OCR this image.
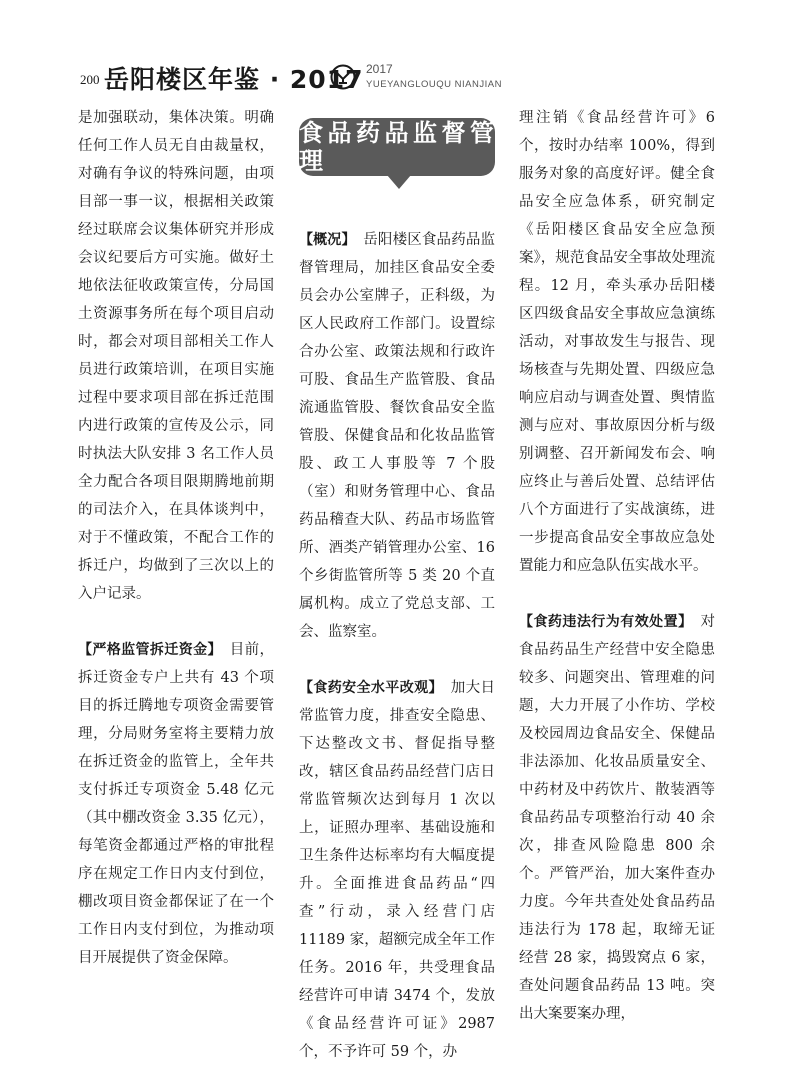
200 岳阳楼区年鉴 · 2017 2017
YUEYANGLOUQU NIANJIAN

是加强联动，集体决策。明确任何工作人员无自由裁量权，对确有争议的特殊问题，由项目部一事一议，根据相关政策经过联席会议集体研究并形成会议纪要后方可实施。做好土地依法征收政策宣传，分局国土资源事务所在每个项目启动时，都会对项目部相关工作人员进行政策培训，在项目实施过程中要求项目部在拆迁范围内进行政策的宣传及公示，同时执法大队安排 3 名工作人员全力配合各项目限期腾地前期的司法介入，在具体谈判中，对于不懂政策，不配合工作的拆迁户，均做到了三次以上的入户记录。

【严格监管拆迁资金】　目前，拆迁资金专户上共有 43 个项目的拆迁腾地专项资金需要管理，分局财务室将主要精力放在拆迁资金的监管上，全年共支付拆迁专项资金 5.48 亿元（其中棚改资金 3.35 亿元），每笔资金都通过严格的审批程序在规定工作日内支付到位，棚改项目资金都保证了在一个工作日内支付到位，为推动项目开展提供了资金保障。

食品药品监督管理

【概况】　岳阳楼区食品药品监督管理局，加挂区食品安全委员会办公室牌子，正科级，为区人民政府工作部门。设置综合办公室、政策法规和行政许可股、食品生产监管股、食品流通监管股、餐饮食品安全监管股、保健食品和化妆品监管股、政工人事股等 7 个股（室）和财务管理中心、食品药品稽查大队、药品市场监管所、酒类产销管理办公室、16 个乡街监管所等 5 类 20 个直属机构。成立了党总支部、工会、监察室。

【食药安全水平改观】　加大日常监管力度，排查安全隐患、下达整改文书、督促指导整改，辖区食品药品经营门店日常监管频次达到每月 1 次以上，证照办理率、基础设施和卫生条件达标率均有大幅度提升。全面推进食品药品“四查”行动，录入经营门店 11189 家，超额完成全年工作任务。2016 年，共受理食品经营许可申请 3474 个，发放《食品经营许可证》2987 个，不予许可 59 个，办

理注销《食品经营许可》6 个，按时办结率 100%，得到服务对象的高度好评。健全食品安全应急体系，研究制定《岳阳楼区食品安全应急预案》，规范食品安全事故处理流程。12 月，牵头承办岳阳楼区四级食品安全事故应急演练活动，对事故发生与报告、现场核查与先期处置、四级应急响应启动与调查处置、舆情监测与应对、事故原因分析与级别调整、召开新闻发布会、响应终止与善后处置、总结评估八个方面进行了实战演练，进一步提高食品安全事故应急处置能力和应急队伍实战水平。

【食药违法行为有效处置】　对食品药品生产经营中安全隐患较多、问题突出、管理难的问题，大力开展了小作坊、学校及校园周边食品安全、保健品非法添加、化妆品质量安全、中药材及中药饮片、散装酒等食品药品专项整治行动 40 余次，排查风险隐患 800 余个。严管严治，加大案件查办力度。今年共查处处食品药品违法行为 178 起，取缔无证经营 28 家，捣毁窝点 6 家，查处问题食品药品 13 吨。突出大案要案办理，
